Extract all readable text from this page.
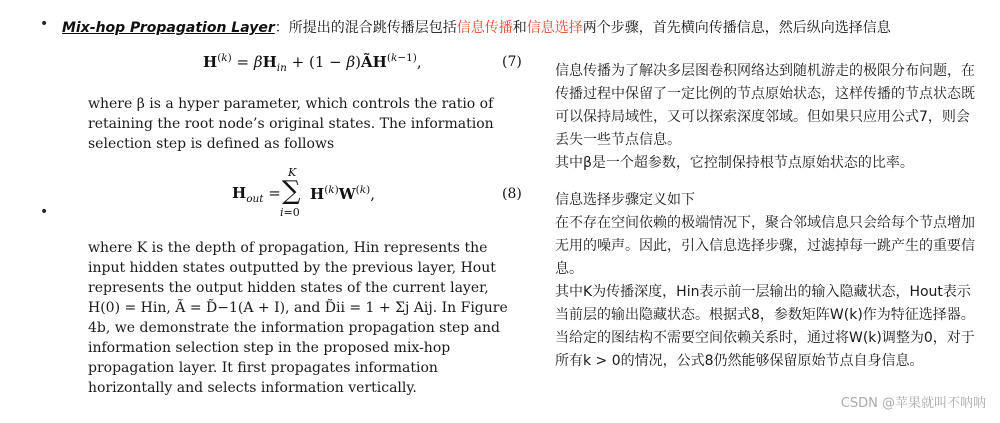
•
•
Mix-hop Propagation Layer：所提出的混合跳传播层包括信息传播和信息选择两个步骤，首先横向传播信息，然后纵向选择信息
$H^{(k)} = \beta H_{in} + (1$ − $\beta)ÃH^{(k-1)}$,	(7)

where β is a hyper parameter, which controls the ratio of retaining the root node’s original states. The information selection step is defined as follows

$H_{out}$ =
K
∑
i=0
$H^{(k)}W^{(k)}$,	(8)

where K is the depth of propagation, Hin represents the input hidden states outputted by the previous layer, Hout represents the output hidden states of the current layer, H(0) = Hin, Ã = D̃−1(A + I), and D̃ii = 1 + Σj Aij. In Figure 4b, we demonstrate the information propagation step and information selection step in the proposed mix-hop propagation layer. It first propagates information horizontally and selects information vertically.

信息传播为了解决多层图卷积网络达到随机游走的极限分布问题，在传播过程中保留了一定比例的节点原始状态，这样传播的节点状态既可以保持局域性，又可以探索深度邻域。但如果只应用公式7，则会丢失一些节点信息。

其中β是一个超参数，它控制保持根节点原始状态的比率。

信息选择步骤定义如下

在不存在空间依赖的极端情况下，聚合邻域信息只会给每个节点增加无用的噪声。因此，引入信息选择步骤，过滤掉每一跳产生的重要信息。

其中K为传播深度，Hin表示前一层输出的输入隐藏状态，Hout表示当前层的输出隐藏状态。根据式8，参数矩阵W(k)作为特征选择器。当给定的图结构不需要空间依赖关系时，通过将W(k)调整为0，对于所有k > 0的情况，公式8仍然能够保留原始节点自身信息。

CSDN @苹果就叫不呐呐
